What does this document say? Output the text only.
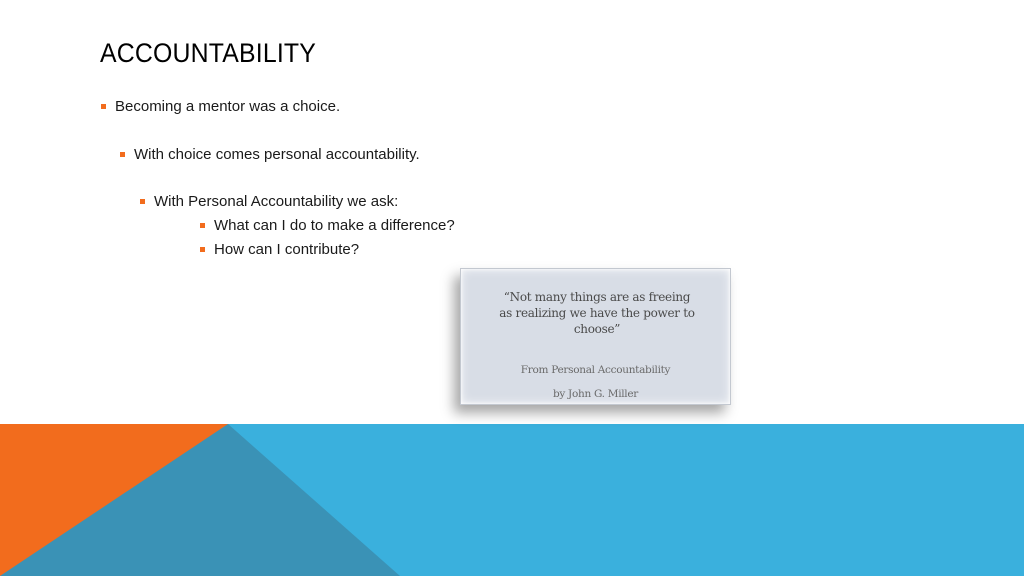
ACCOUNTABILITY
Becoming a mentor was a choice.
With choice comes personal accountability.
With Personal Accountability we ask:
What can I do to make a difference?
How can I contribute?
“Not many things are as freeing as realizing we have the power to choose”
From Personal Accountability
by John G. Miller
